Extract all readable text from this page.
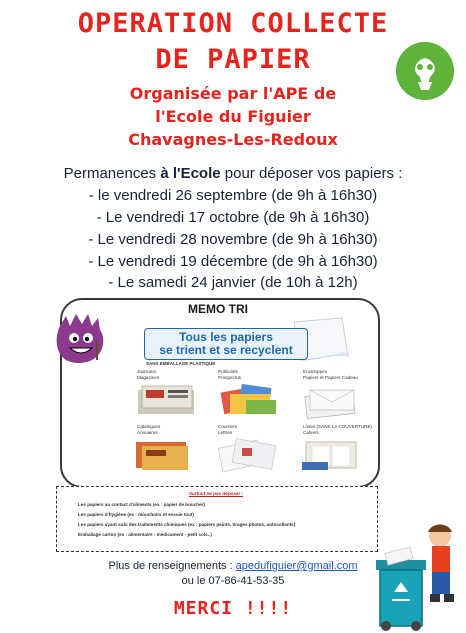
OPERATION COLLECTE
DE PAPIER
Organisée par l'APE de
l'Ecole du Figuier
Chavagnes-Les-Redoux
Permanences à l'Ecole pour déposer vos papiers :
- le vendredi 26 septembre (de 9h à 16h30)
- Le vendredi 17 octobre (de 9h à 16h30)
- Le vendredi 28 novembre (de 9h à 16h30)
- Le vendredi 19 décembre (de 9h à 16h30)
- Le samedi 24 janvier (de 10h à 12h)
MEMO TRI
Tous les papiers
se trient et se recyclent
SANS EMBALLAGE PLASTIQUE
Journaux
Magazines
Publicités
Prospectus
Enveloppes
Papiers et Papiers Cadeau
Catalogues
Annuaires
Courriers
Lettres
Livres (SANS LA COUVERTURE)
Cahiers
Surtout ne pas déposer :
Les papiers au contact d'aliments (ex : papier de boucher)
Les papiers d'hygiène (ex : mouchoirs et essuie tout)
Les papiers ayant subi des traitements chimiques (ex : papiers peints, tirages photos, autocollants)
Emballage carton (ex : alimentaire - médicament - petit cols..)
Plus de renseignements : apedufiguier@gmail.com
ou le 07-86-41-53-35
MERCI !!!!
